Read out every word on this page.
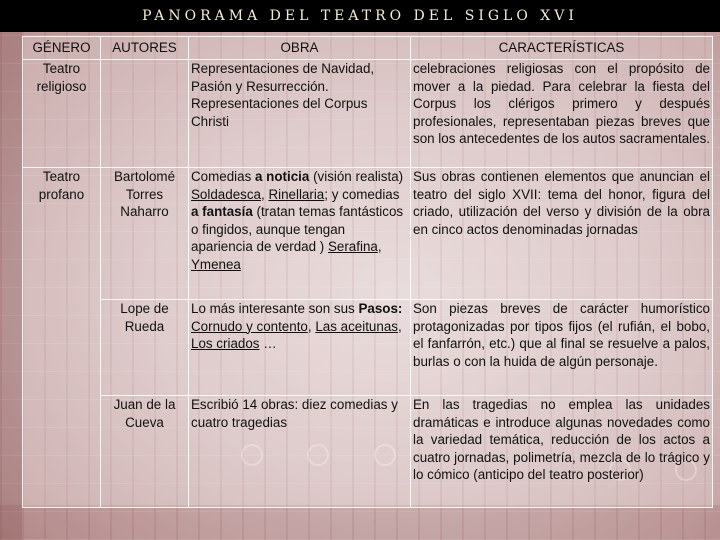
PANORAMA DEL TEATRO DEL SIGLO XVI
GÉNERO	AUTORES	OBRA	CARACTERÍSTICAS
Teatro religioso		Representaciones de Navidad, Pasión y Resurrección. Representaciones del Corpus Christi	celebraciones religiosas con el propósito de mover a la piedad. Para celebrar la fiesta del Corpus los clérigos primero y después profesionales, representaban piezas breves que son los antecedentes de los autos sacramentales.
Teatro profano	Bartolomé Torres Naharro	Comedias a noticia (visión realista) Soldadesca, Rinellaria; y comedias a fantasía (tratan temas fantásticos o fingidos, aunque tengan apariencia de verdad ) Serafina, Ymenea	Sus obras contienen elementos que anuncian el teatro del siglo XVII: tema del honor, figura del criado, utilización del verso y división de la obra en cinco actos denominadas jornadas
	Lope de Rueda	Lo más interesante son sus Pasos: Cornudo y contento, Las aceitunas, Los criados …	Son piezas breves de carácter humorístico protagonizadas por tipos fijos (el rufián, el bobo, el fanfarrón, etc.) que al final se resuelve a palos, burlas o con la huida de algún personaje.
	Juan de la Cueva	Escribió 14 obras: diez comedias y cuatro tragedias	En las tragedias no emplea las unidades dramáticas e introduce algunas novedades como la variedad temática, reducción de los actos a cuatro jornadas, polimetría, mezcla de lo trágico y lo cómico (anticipo del teatro posterior)
